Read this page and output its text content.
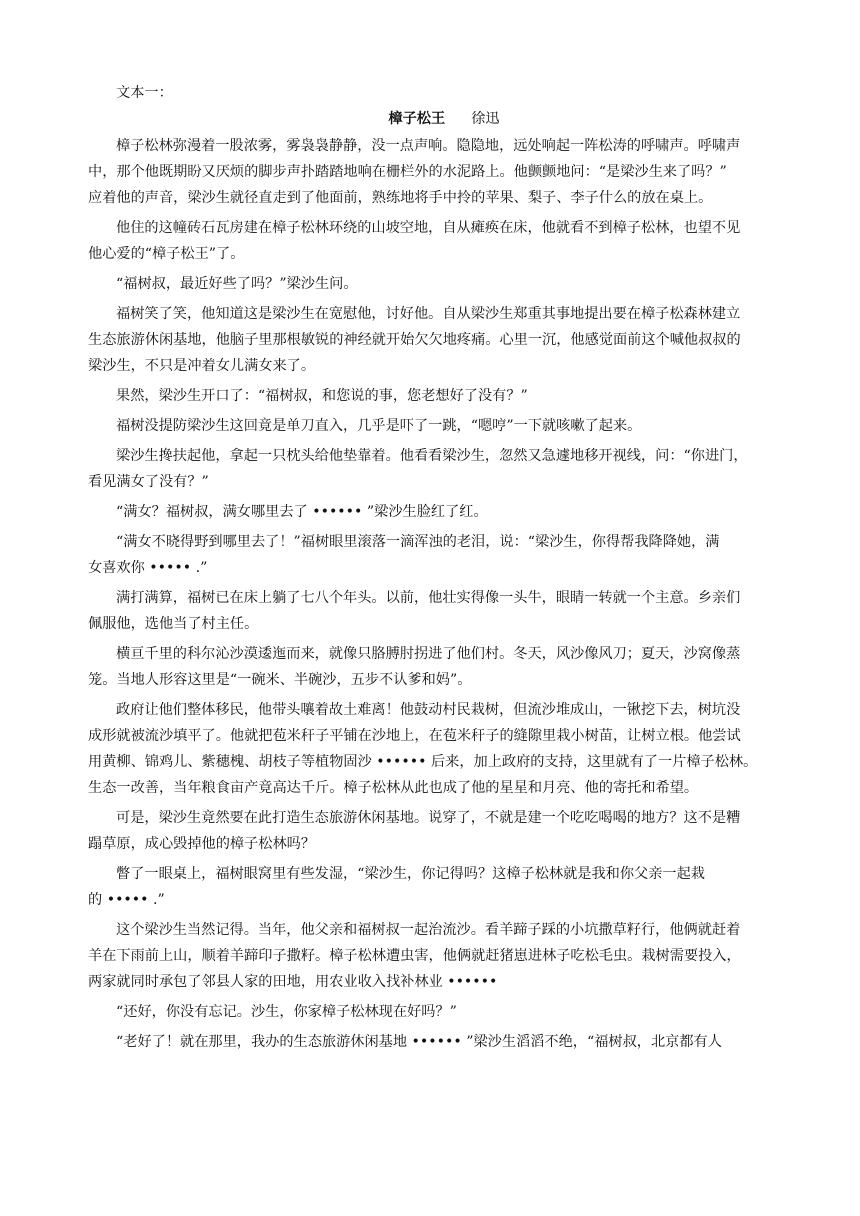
文本一：
樟子松王 徐迅
樟子松林弥漫着一股浓雾，雾袅袅静静，没一点声响。隐隐地，远处响起一阵松涛的呼啸声。呼啸声
中，那个他既期盼又厌烦的脚步声扑踏踏地响在栅栏外的水泥路上。他颤颤地问：“是梁沙生来了吗？”
应着他的声音，梁沙生就径直走到了他面前，熟练地将手中拎的苹果、梨子、李子什么的放在桌上。
他住的这幢砖石瓦房建在樟子松林环绕的山坡空地，自从瘫痪在床，他就看不到樟子松林，也望不见
他心爱的“樟子松王”了。
“福树叔，最近好些了吗？”梁沙生问。
福树笑了笑，他知道这是梁沙生在宽慰他，讨好他。自从梁沙生郑重其事地提出要在樟子松森林建立
生态旅游休闲基地，他脑子里那根敏锐的神经就开始欠欠地疼痛。心里一沉，他感觉面前这个喊他叔叔的
梁沙生，不只是冲着女儿满女来了。
果然，梁沙生开口了：“福树叔，和您说的事，您老想好了没有？”
福树没提防梁沙生这回竟是单刀直入，几乎是吓了一跳，“嗯哼”一下就咳嗽了起来。
梁沙生搀扶起他，拿起一只枕头给他垫靠着。他看看梁沙生，忽然又急遽地移开视线，问：“你进门，
看见满女了没有？”
“满女？福树叔，满女哪里去了 •••••• ”梁沙生脸红了红。
“满女不晓得野到哪里去了！”福树眼里滚落一滴浑浊的老泪，说：“梁沙生，你得帮我降降她，满
女喜欢你 ••••• .”
满打满算，福树已在床上躺了七八个年头。以前，他壮实得像一头牛，眼睛一转就一个主意。乡亲们
佩服他，选他当了村主任。
横亘千里的科尔沁沙漠逶迤而来，就像只胳膊肘拐进了他们村。冬天，风沙像风刀；夏天，沙窝像蒸
笼。当地人形容这里是“一碗米、半碗沙，五步不认爹和妈”。
政府让他们整体移民，他带头嚷着故土难离！他鼓动村民栽树，但流沙堆成山，一锹挖下去，树坑没
成形就被流沙填平了。他就把苞米秆子平铺在沙地上，在苞米秆子的缝隙里栽小树苗，让树立根。他尝试
用黄柳、锦鸡儿、紫穗槐、胡枝子等植物固沙 •••••• 后来，加上政府的支持，这里就有了一片樟子松林。
生态一改善，当年粮食亩产竟高达千斤。樟子松林从此也成了他的星星和月亮、他的寄托和希望。
可是，梁沙生竟然要在此打造生态旅游休闲基地。说穿了，不就是建一个吃吃喝喝的地方？这不是糟
蹋草原，成心毁掉他的樟子松林吗？
瞥了一眼桌上，福树眼窝里有些发湿，“梁沙生，你记得吗？这樟子松林就是我和你父亲一起栽
的 ••••• .”
这个梁沙生当然记得。当年，他父亲和福树叔一起治流沙。看羊蹄子踩的小坑撒草籽行，他俩就赶着
羊在下雨前上山，顺着羊蹄印子撒籽。樟子松林遭虫害，他俩就赶猪崽进林子吃松毛虫。栽树需要投入，
两家就同时承包了邻县人家的田地，用农业收入找补林业 ••••••
“还好，你没有忘记。沙生，你家樟子松林现在好吗？”
“老好了！就在那里，我办的生态旅游休闲基地 •••••• ”梁沙生滔滔不绝，“福树叔，北京都有人
